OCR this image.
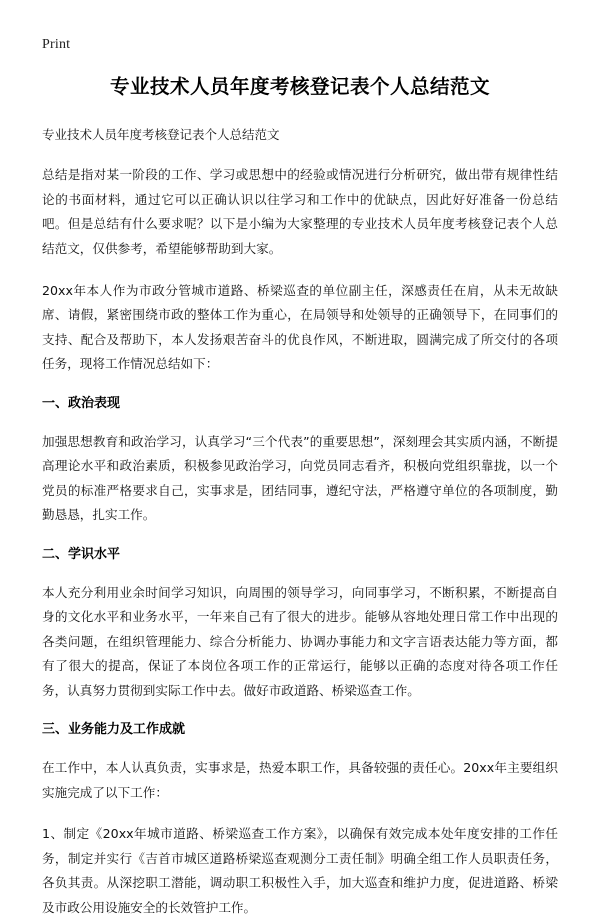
Print
专业技术人员年度考核登记表个人总结范文
专业技术人员年度考核登记表个人总结范文

总结是指对某一阶段的工作、学习或思想中的经验或情况进行分析研究，做出带有规律性结论的书面材料，通过它可以正确认识以往学习和工作中的优缺点，因此好好准备一份总结吧。但是总结有什么要求呢？以下是小编为大家整理的专业技术人员年度考核登记表个人总结范文，仅供参考，希望能够帮助到大家。

20xx年本人作为市政分管城市道路、桥梁巡查的单位副主任，深感责任在肩，从未无故缺席、请假，紧密围绕市政的整体工作为重心，在局领导和处领导的正确领导下，在同事们的支持、配合及帮助下，本人发扬艰苦奋斗的优良作风，不断进取，圆满完成了所交付的各项任务，现将工作情况总结如下：

一、政治表现

加强思想教育和政治学习，认真学习“三个代表”的重要思想”，深刻理会其实质内涵，不断提高理论水平和政治素质，积极参见政治学习，向党员同志看齐，积极向党组织靠拢，以一个党员的标准严格要求自己，实事求是，团结同事，遵纪守法，严格遵守单位的各项制度，勤勤恳恳，扎实工作。

二、学识水平

本人充分利用业余时间学习知识，向周围的领导学习，向同事学习，不断积累，不断提高自身的文化水平和业务水平，一年来自己有了很大的进步。能够从容地处理日常工作中出现的各类问题，在组织管理能力、综合分析能力、协调办事能力和文字言语表达能力等方面，都有了很大的提高，保证了本岗位各项工作的正常运行，能够以正确的态度对待各项工作任务，认真努力贯彻到实际工作中去。做好市政道路、桥梁巡查工作。

三、业务能力及工作成就

在工作中，本人认真负责，实事求是，热爱本职工作，具备较强的责任心。20xx年主要组织实施完成了以下工作：

1、制定《20xx年城市道路、桥梁巡查工作方案》，以确保有效完成本处年度安排的工作任务，制定并实行《吉首市城区道路桥梁巡查观测分工责任制》明确全组工作人员职责任务，各负其责。从深挖职工潜能，调动职工积极性入手，加大巡查和维护力度，促进道路、桥梁及市政公用设施安全的长效管护工作。
